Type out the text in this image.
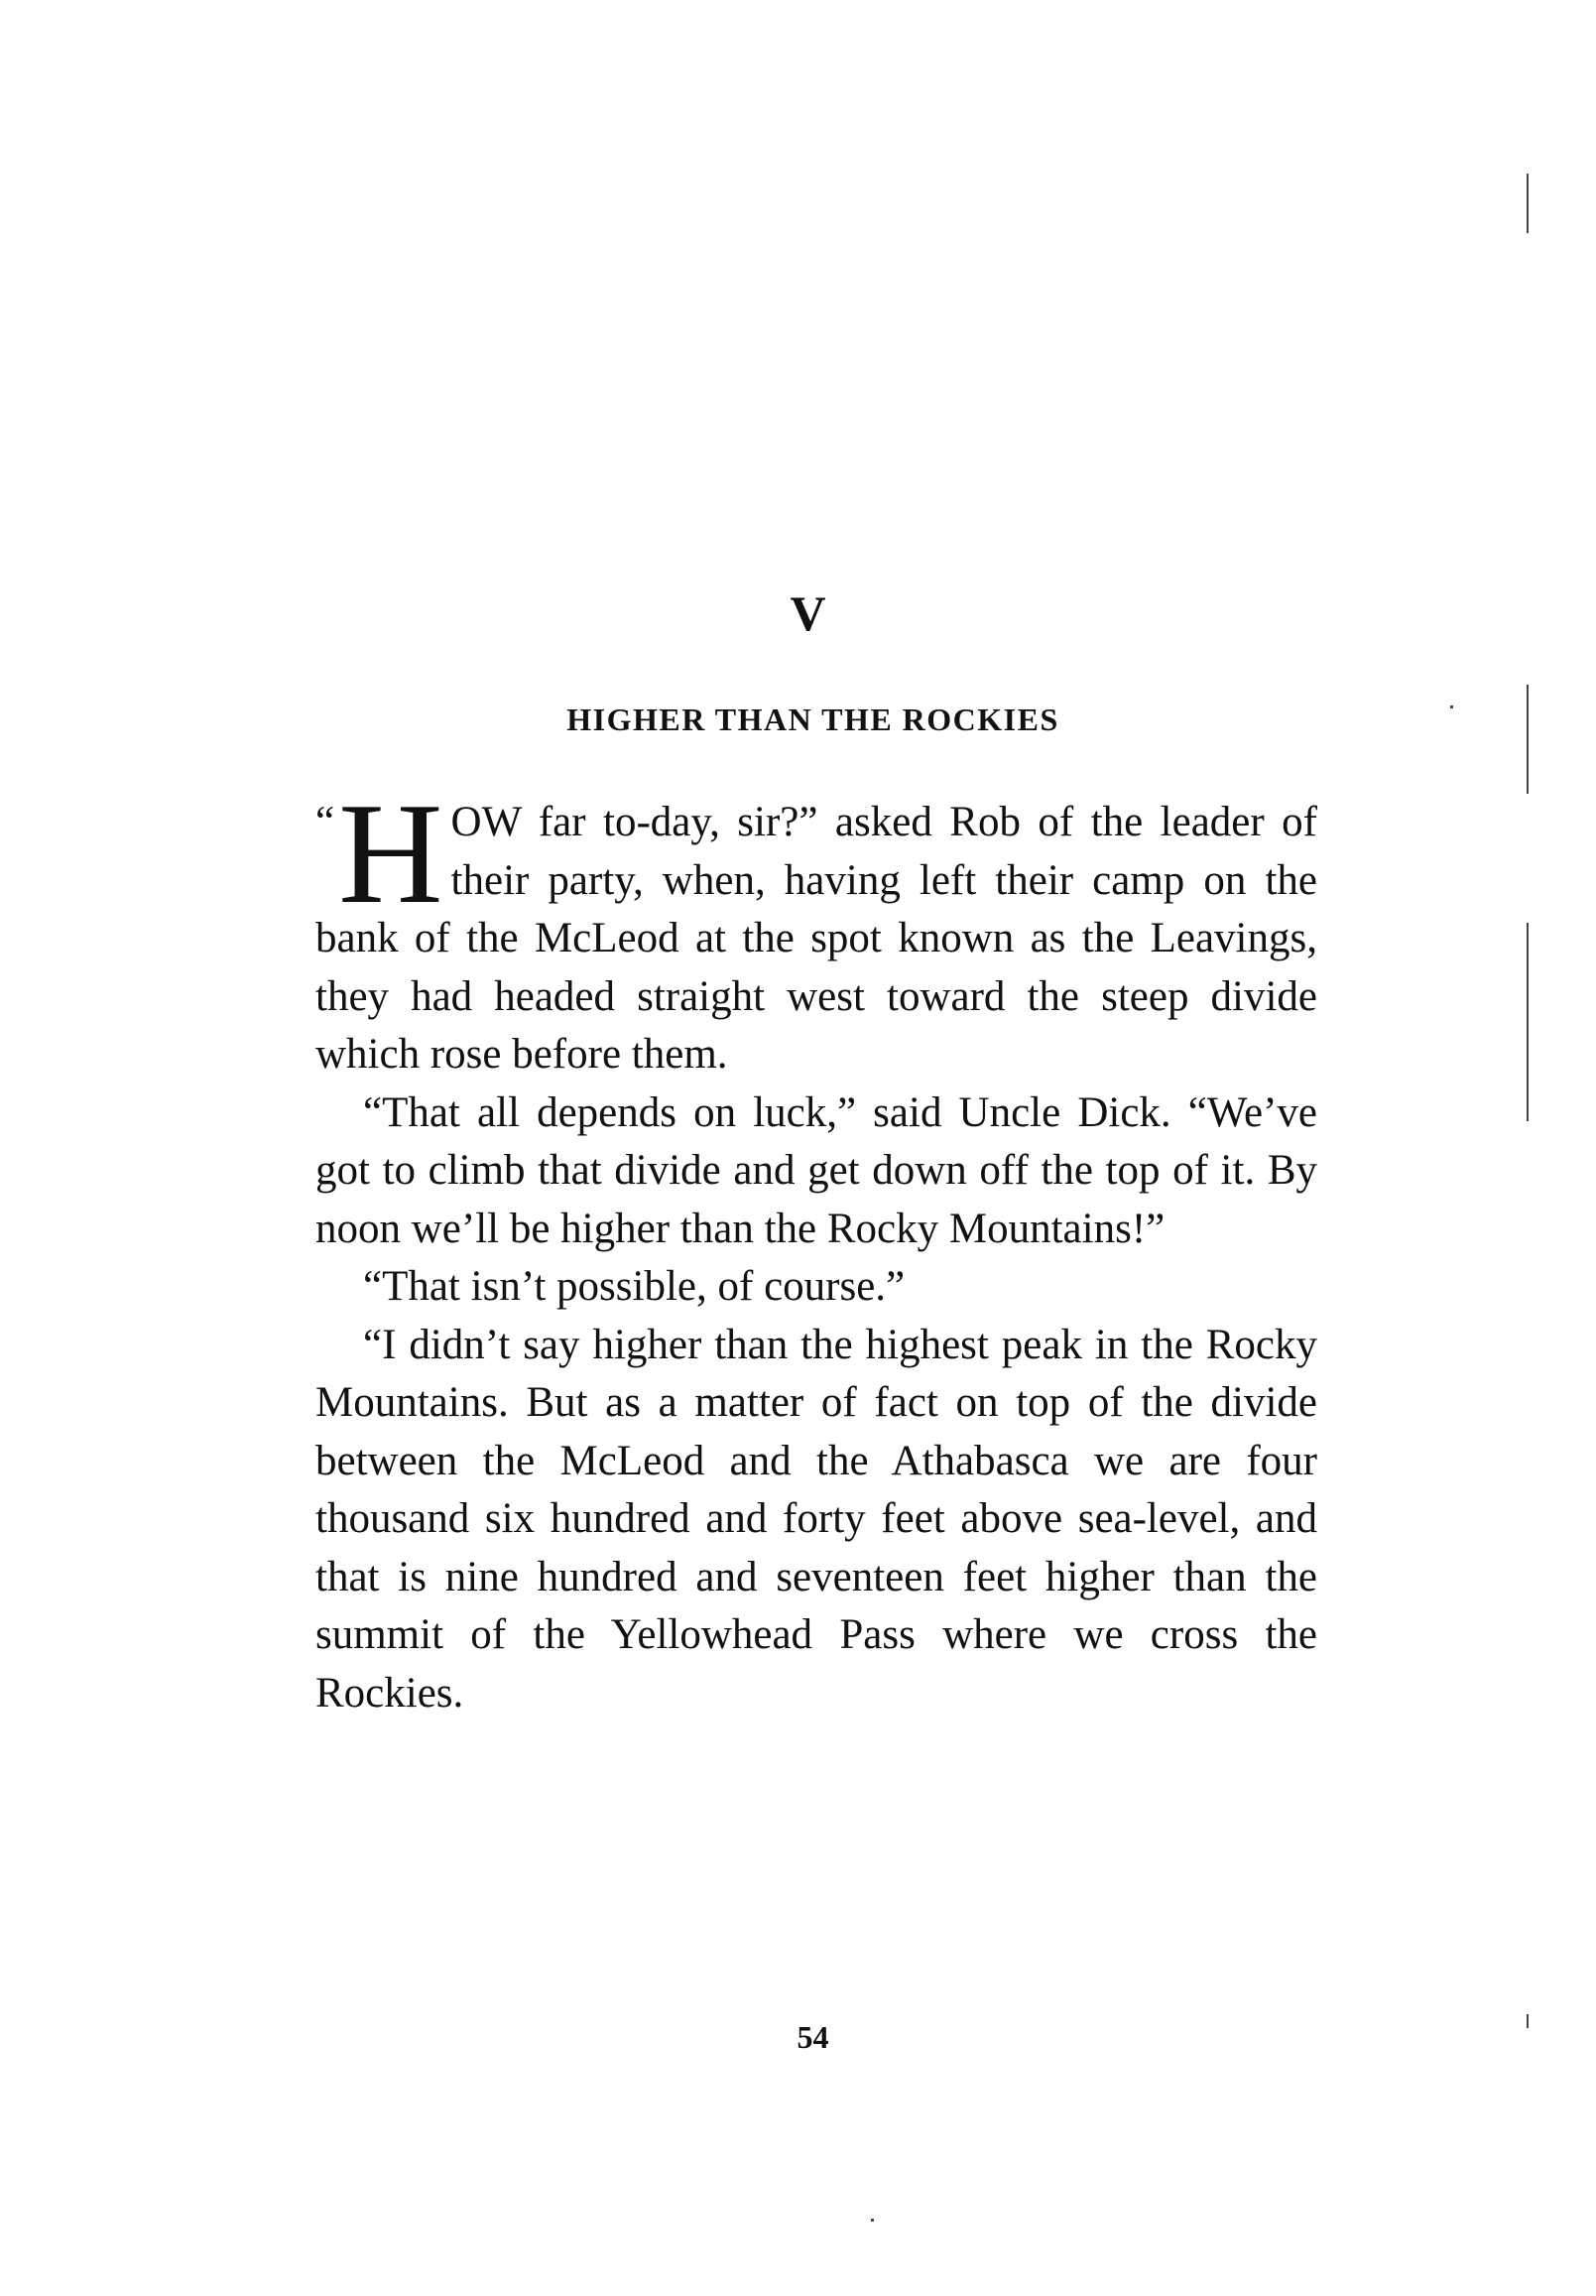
V
HIGHER THAN THE ROCKIES

“ H OW far to-day, sir?” asked Rob of the leader of their party, when, having left their camp on the bank of the McLeod at the spot known as the Leavings, they had headed straight west toward the steep divide which rose before them.

“That all depends on luck,” said Uncle Dick. “We’ve got to climb that divide and get down off the top of it. By noon we’ll be higher than the Rocky Mountains!”

“That isn’t possible, of course.”

“I didn’t say higher than the highest peak in the Rocky Mountains. But as a matter of fact on top of the divide between the McLeod and the Athabasca we are four thousand six hundred and forty feet above sea-level, and that is nine hundred and seventeen feet higher than the summit of the Yellowhead Pass where we cross the Rockies.

54
